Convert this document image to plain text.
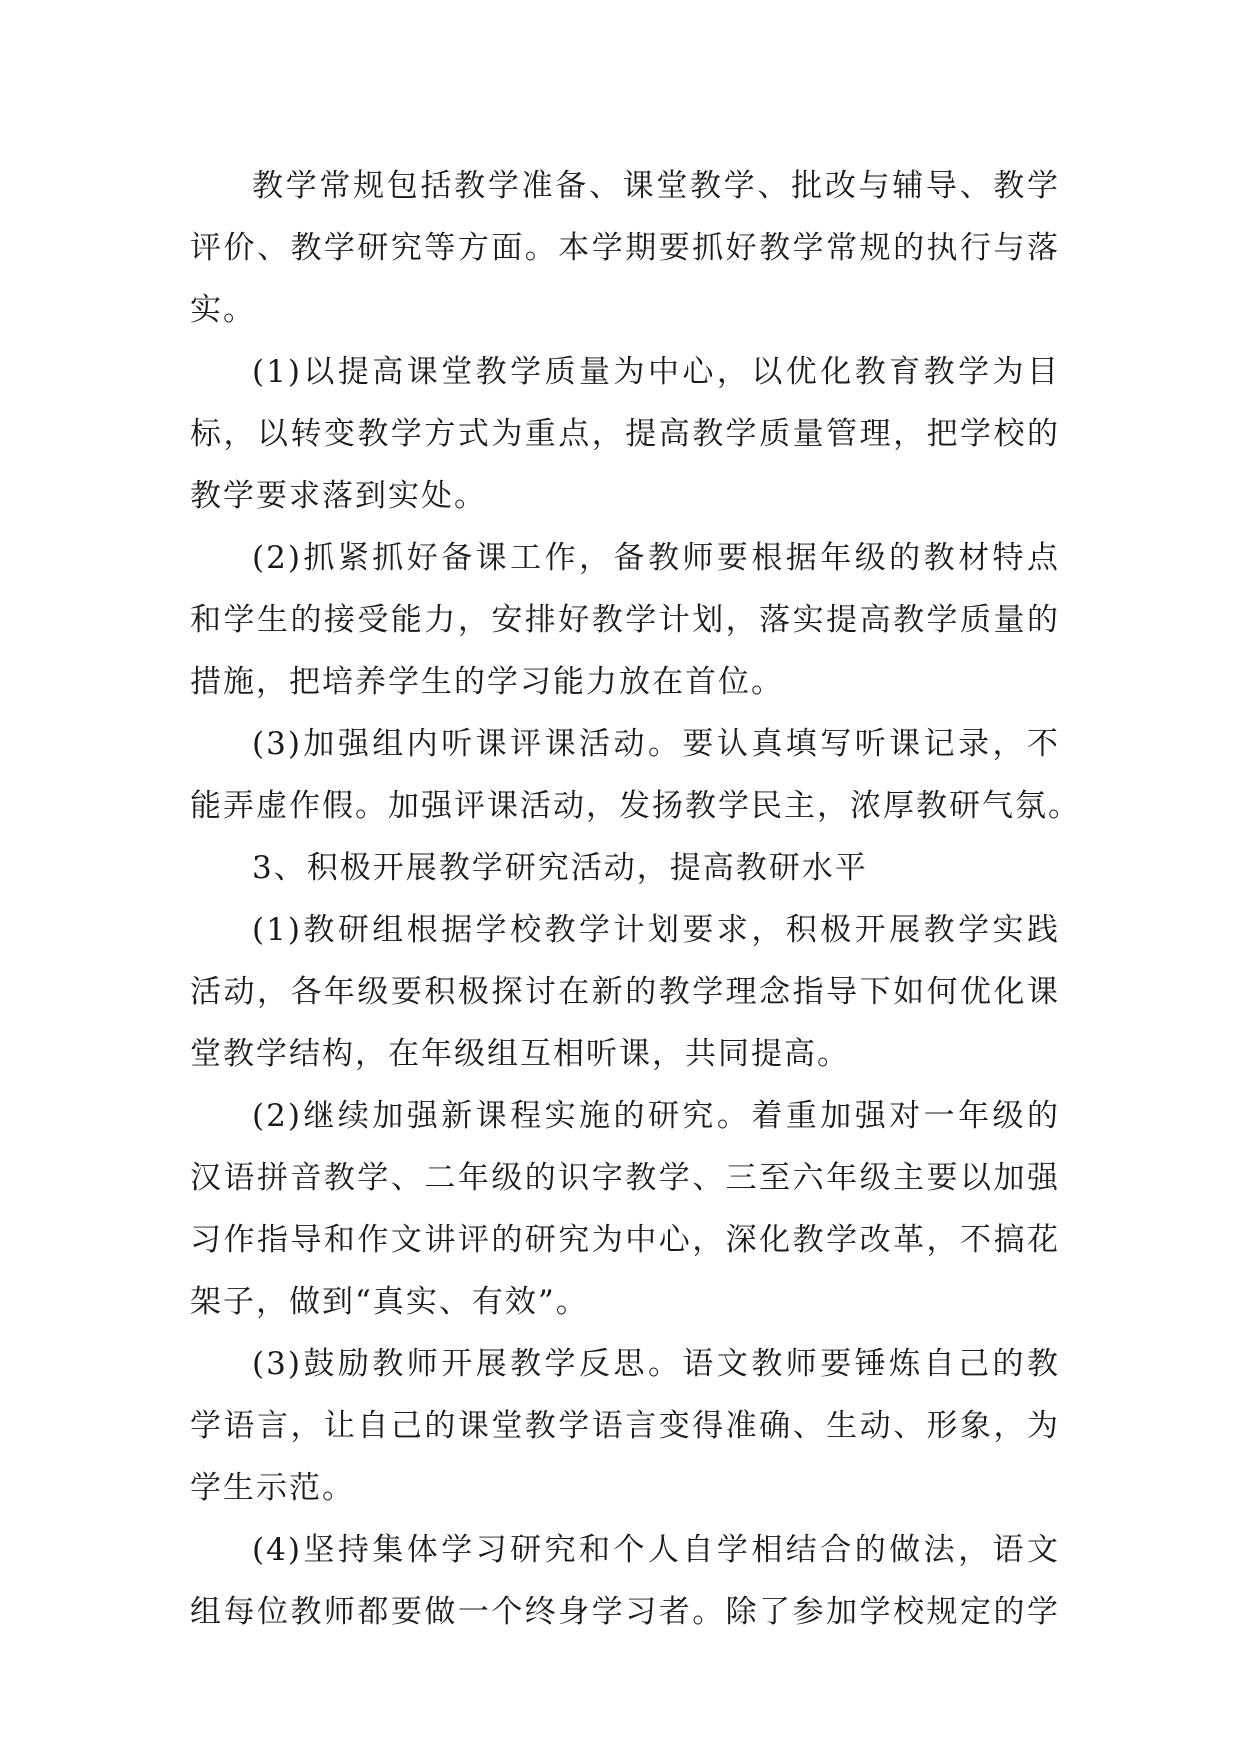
教学常规包括教学准备、课堂教学、批改与辅导、教学
评价、教学研究等方面。本学期要抓好教学常规的执行与落
实。
(1)以提高课堂教学质量为中心，以优化教育教学为目
标，以转变教学方式为重点，提高教学质量管理，把学校的
教学要求落到实处。
(2)抓紧抓好备课工作，备教师要根据年级的教材特点
和学生的接受能力，安排好教学计划，落实提高教学质量的
措施，把培养学生的学习能力放在首位。
(3)加强组内听课评课活动。要认真填写听课记录，不
能弄虚作假。加强评课活动，发扬教学民主，浓厚教研气氛。
3、积极开展教学研究活动，提高教研水平
(1)教研组根据学校教学计划要求，积极开展教学实践
活动，各年级要积极探讨在新的教学理念指导下如何优化课
堂教学结构，在年级组互相听课，共同提高。
(2)继续加强新课程实施的研究。着重加强对一年级的
汉语拼音教学、二年级的识字教学、三至六年级主要以加强
习作指导和作文讲评的研究为中心，深化教学改革，不搞花
架子，做到“真实、有效”。
(3)鼓励教师开展教学反思。语文教师要锤炼自己的教
学语言，让自己的课堂教学语言变得准确、生动、形象，为
学生示范。
(4)坚持集体学习研究和个人自学相结合的做法，语文
组每位教师都要做一个终身学习者。除了参加学校规定的学
